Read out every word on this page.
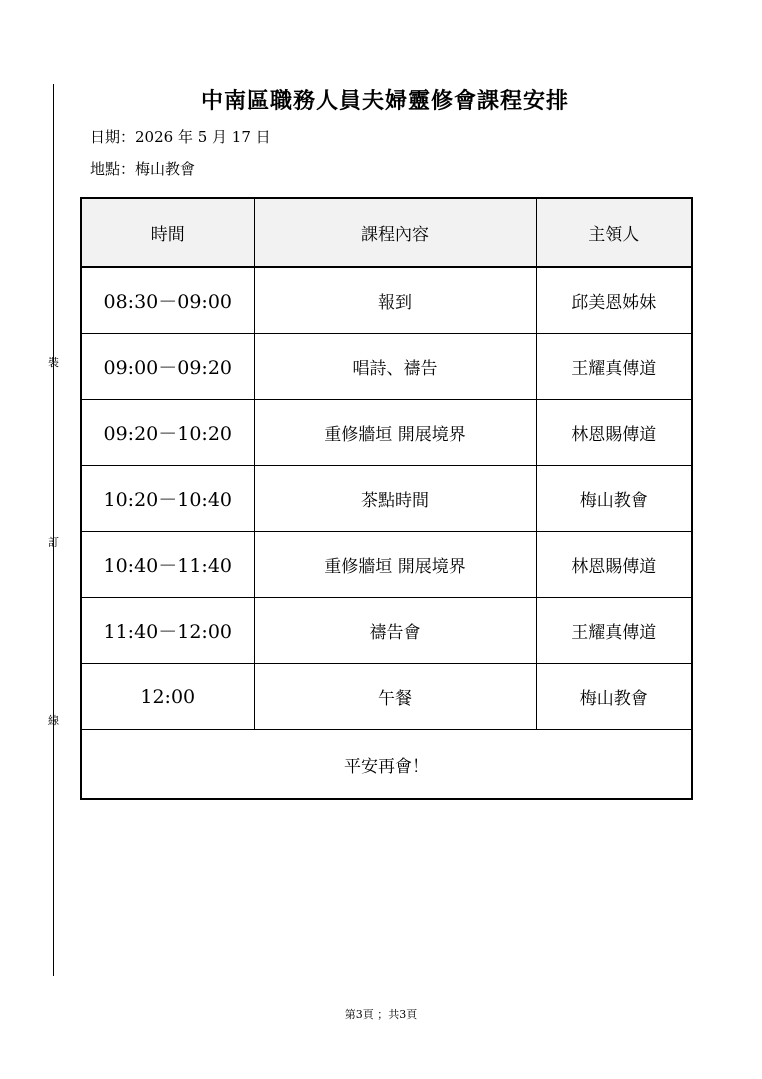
裝
訂
線
中南區職務人員夫婦靈修會課程安排
日期：2026 年 5 月 17 日
地點：梅山教會
時間	課程內容	主領人
08:30－09:00	報到	邱美恩姊妹
09:00－09:20	唱詩、禱告	王耀真傳道
09:20－10:20	重修牆垣 開展境界	林恩賜傳道
10:20－10:40	茶點時間	梅山教會
10:40－11:40	重修牆垣 開展境界	林恩賜傳道
11:40－12:00	禱告會	王耀真傳道
12:00	午餐	梅山教會
平安再會！		
第3頁 ；共3頁
